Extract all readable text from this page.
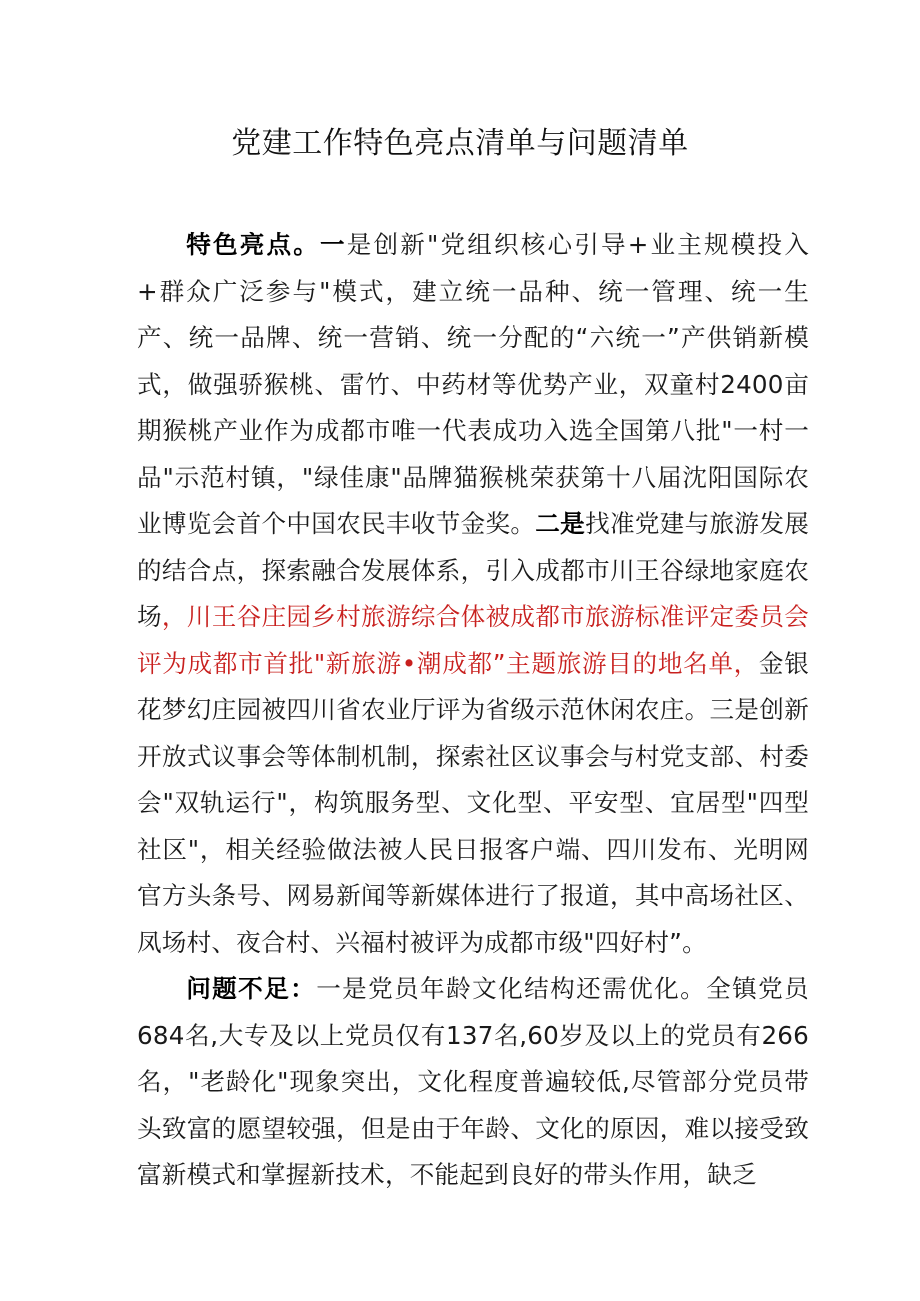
党建工作特色亮点清单与问题清单

特色亮点。一是创新"党组织核心引导+业主规模投入+群众广泛参与"模式，建立统一品种、统一管理、统一生产、统一品牌、统一营销、统一分配的“六统一”产供销新模式，做强骄猴桃、雷竹、中药材等优势产业，双童村2400亩期猴桃产业作为成都市唯一代表成功入选全国第八批"一村一品"示范村镇，"绿佳康"品牌猫猴桃荣获第十八届沈阳国际农业博览会首个中国农民丰收节金奖。二是找准党建与旅游发展的结合点，探索融合发展体系，引入成都市川王谷绿地家庭农场，川王谷庄园乡村旅游综合体被成都市旅游标准评定委员会评为成都市首批"新旅游•潮成都”主题旅游目的地名单，金银花梦幻庄园被四川省农业厅评为省级示范休闲农庄。三是创新开放式议事会等体制机制，探索社区议事会与村党支部、村委会"双轨运行"，构筑服务型、文化型、平安型、宜居型"四型社区"，相关经验做法被人民日报客户端、四川发布、光明网官方头条号、网易新闻等新媒体进行了报道，其中高场社区、凤场村、夜合村、兴福村被评为成都市级"四好村”。

问题不足：一是党员年龄文化结构还需优化。全镇党员684名,大专及以上党员仅有137名,60岁及以上的党员有266名，"老龄化"现象突出，文化程度普遍较低,尽管部分党员带头致富的愿望较强，但是由于年龄、文化的原因，难以接受致富新模式和掌握新技术，不能起到良好的带头作用，缺乏
